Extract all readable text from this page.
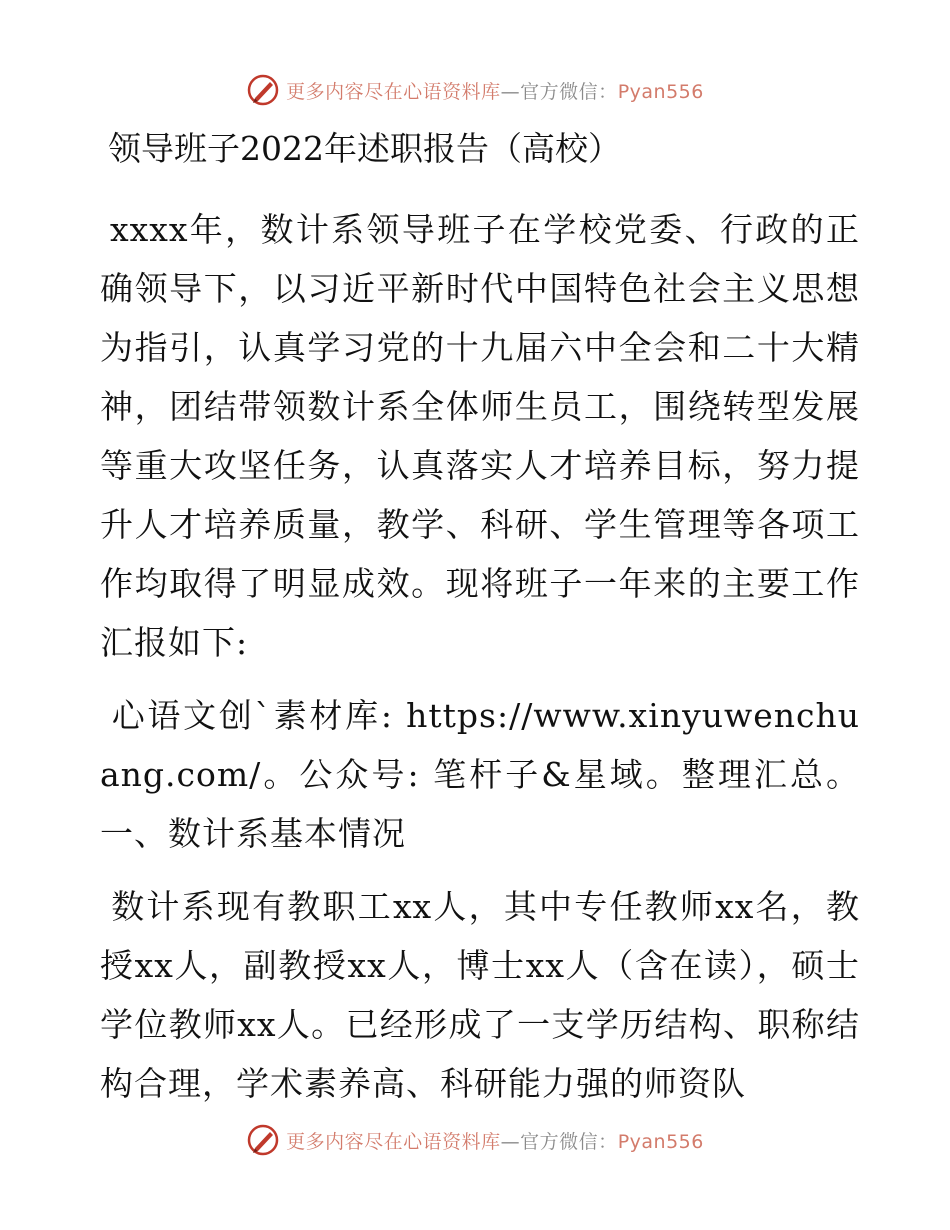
更多内容尽在心语资料库—官方微信：Pyan556
领导班子2022年述职报告（高校）

xxxx年，数计系领导班子在学校党委、行政的正确领导下，以习近平新时代中国特色社会主义思想为指引，认真学习党的十九届六中全会和二十大精神，团结带领数计系全体师生员工，围绕转型发展等重大攻坚任务，认真落实人才培养目标，努力提升人才培养质量，教学、科研、学生管理等各项工作均取得了明显成效。现将班子一年来的主要工作汇报如下:

心语文创`素材库: https://www.xinyuwenchuang.com/。公众号: 笔杆子&星域。整理汇总。一、数计系基本情况

数计系现有教职工xx人，其中专任教师xx名，教授xx人，副教授xx人，博士xx人（含在读），硕士学位教师xx人。已经形成了一支学历结构、职称结构合理，学术素养高、科研能力强的师资队

更多内容尽在心语资料库—官方微信：Pyan556
